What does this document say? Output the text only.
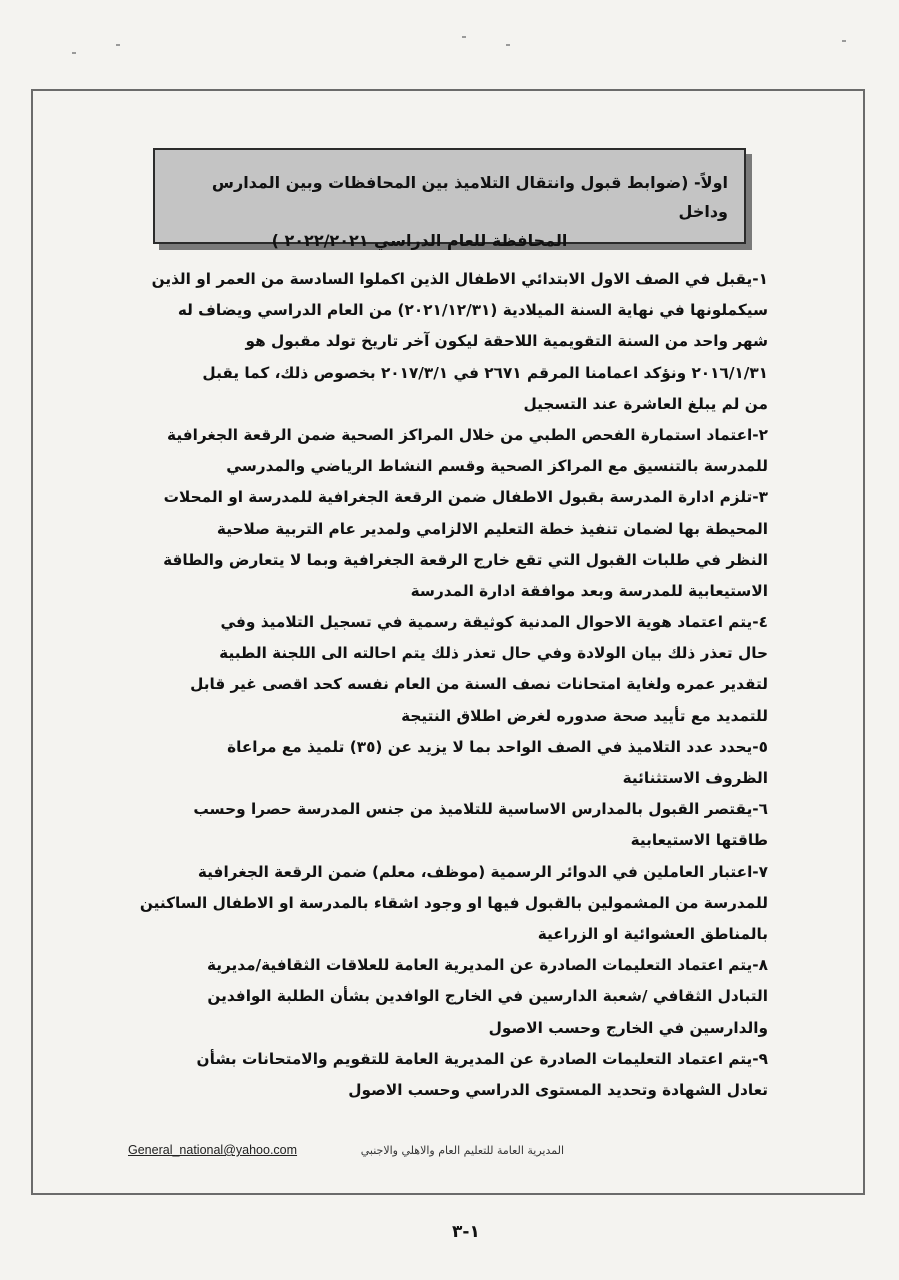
اولاً- (ضوابط قبول وانتقال التلاميذ بين المحافظات وبين المدارس وداخل
المحافظة للعام الدراسي ٢٠٢٢/٢٠٢١ )
١-يقبل في الصف الاول الابتدائي الاطفال الذين اكملوا السادسة من العمر او الذين
سيكملونها في نهاية السنة الميلادية (٢٠٢١/١٢/٣١) من العام الدراسي ويضاف له
شهر واحد من السنة التقويمية اللاحقة ليكون آخر تاريخ تولد مقبول هو
٢٠١٦/١/٣١ ونؤكد اعمامنا المرقم ٢٦٧١ في ٢٠١٧/٣/١ بخصوص ذلك، كما يقبل
من لم يبلغ العاشرة عند التسجيل
٢-اعتماد استمارة الفحص الطبي من خلال المراكز الصحية ضمن الرقعة الجغرافية
للمدرسة بالتنسيق مع المراكز الصحية وقسم النشاط الرياضي والمدرسي
٣-تلزم ادارة المدرسة بقبول الاطفال ضمن الرقعة الجغرافية للمدرسة او المحلات
المحيطة بها لضمان تنفيذ خطة التعليم الالزامي ولمدير عام التربية صلاحية
النظر في طلبات القبول التي تقع خارج الرقعة الجغرافية وبما لا يتعارض والطاقة
الاستيعابية للمدرسة وبعد موافقة ادارة المدرسة
٤-يتم اعتماد هوية الاحوال المدنية كوثيقة رسمية في تسجيل التلاميذ وفي
حال تعذر ذلك بيان الولادة وفي حال تعذر ذلك يتم احالته الى اللجنة الطبية
لتقدير عمره ولغاية امتحانات نصف السنة من العام نفسه كحد اقصى غير قابل
للتمديد مع تأييد صحة صدوره لغرض اطلاق النتيجة
٥-يحدد عدد التلاميذ في الصف الواحد بما لا يزيد عن (٣٥) تلميذ مع مراعاة
الظروف الاستثنائية
٦-يقتصر القبول بالمدارس الاساسية للتلاميذ من جنس المدرسة حصرا وحسب
طاقتها الاستيعابية
٧-اعتبار العاملين في الدوائر الرسمية (موظف، معلم) ضمن الرقعة الجغرافية
للمدرسة من المشمولين بالقبول فيها او وجود اشقاء بالمدرسة او الاطفال الساكنين
بالمناطق العشوائية او الزراعية
٨-يتم اعتماد التعليمات الصادرة عن المديرية العامة للعلاقات الثقافية/مديرية
التبادل الثقافي /شعبة الدارسين في الخارج الوافدين بشأن الطلبة الوافدين
والدارسين في الخارج وحسب الاصول
٩-يتم اعتماد التعليمات الصادرة عن المديرية العامة للتقويم والامتحانات بشأن
تعادل الشهادة وتحديد المستوى الدراسي وحسب الاصول
General_national@yahoo.com	المديرية العامة للتعليم العام والاهلي والاجنبي
١-٣
